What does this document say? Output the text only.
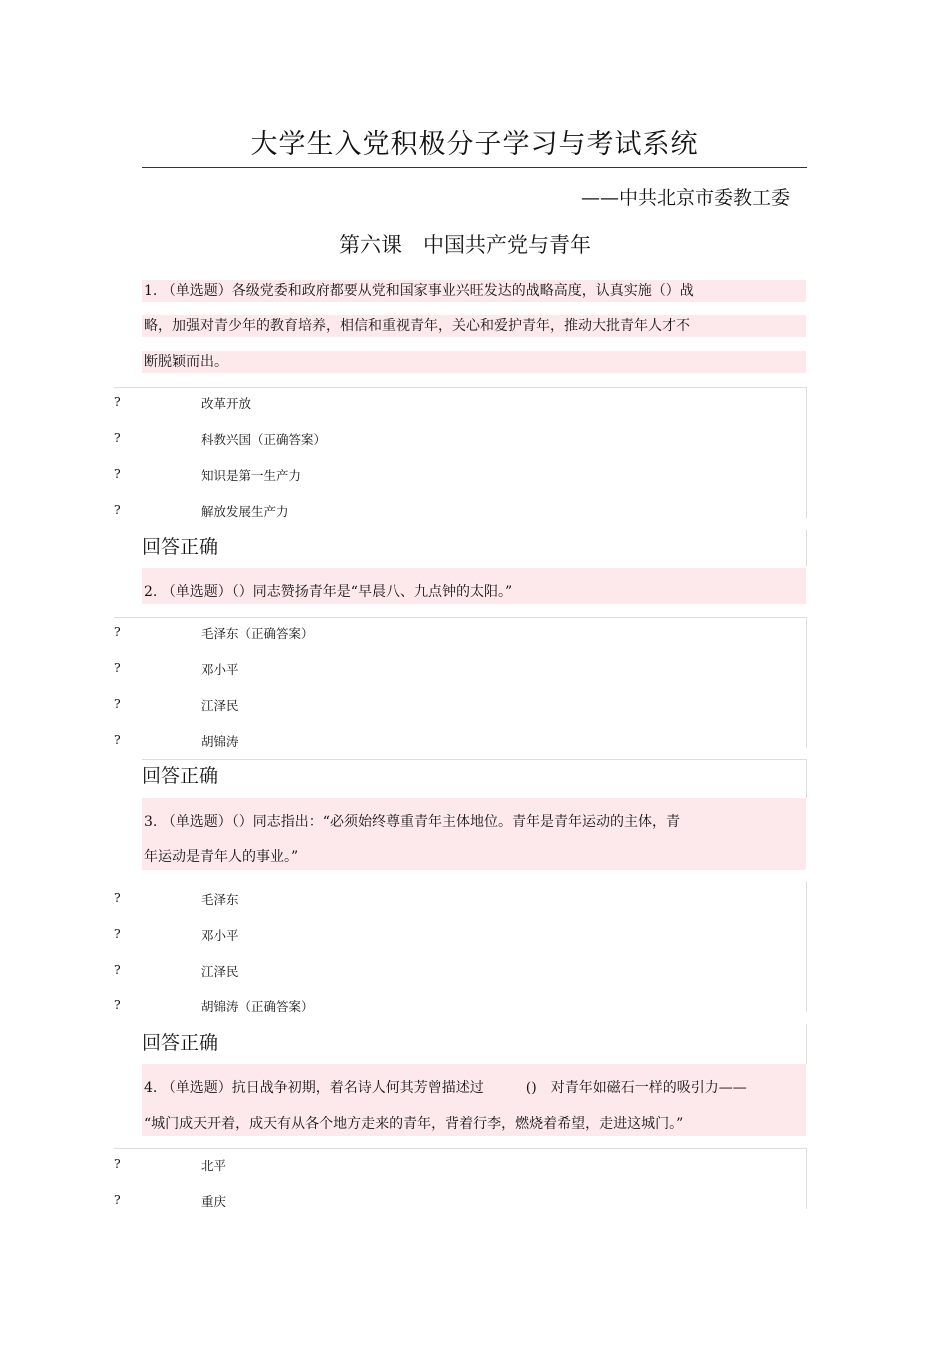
大学生入党积极分子学习与考试系统
——中共北京市委教工委
第六课　中国共产党与青年
1. （单选题）各级党委和政府都要从党和国家事业兴旺发达的战略高度，认真实施（）战
略，加强对青少年的教育培养，相信和重视青年，关心和爱护青年，推动大批青年人才不
断脱颖而出。
?	改革开放
?	科教兴国（正确答案）
?	知识是第一生产力
?	解放发展生产力
回答正确
2. （单选题）（）同志赞扬青年是“早晨八、九点钟的太阳。”
?	毛泽东（正确答案）
?	邓小平
?	江泽民
?	胡锦涛
回答正确
3. （单选题）（）同志指出：“必须始终尊重青年主体地位。青年是青年运动的主体，青
年运动是青年人的事业。”
?	毛泽东
?	邓小平
?	江泽民
?	胡锦涛（正确答案）
回答正确
4. （单选题）抗日战争初期，着名诗人何其芳曾描述过　　　()　对青年如磁石一样的吸引力——
“城门成天开着，成天有从各个地方走来的青年，背着行李，燃烧着希望，走进这城门。”
?	北平
?	重庆
